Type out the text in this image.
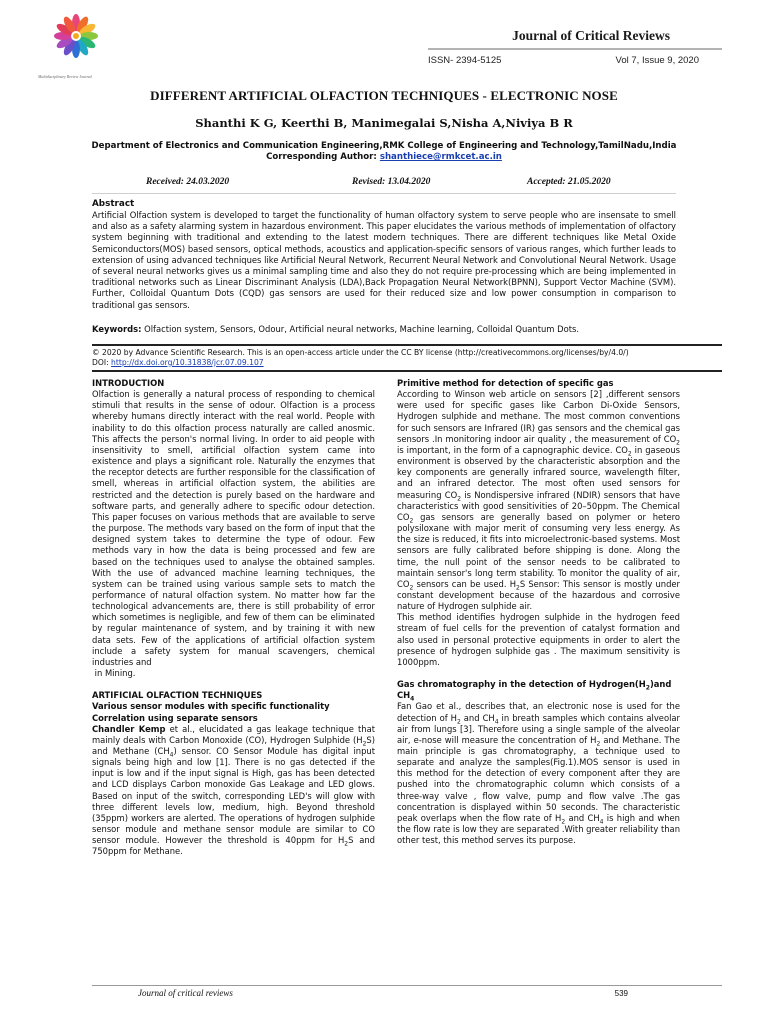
Multidisciplinary Review Journal
Journal of Critical Reviews
ISSN- 2394-5125	Vol 7, Issue 9, 2020
DIFFERENT ARTIFICIAL OLFACTION TECHNIQUES - ELECTRONIC NOSE
Shanthi K G, Keerthi B, Manimegalai S,Nisha A,Niviya B R
Department of Electronics and Communication Engineering,RMK College of Engineering and Technology,TamilNadu,India
Corresponding Author: shanthiece@rmkcet.ac.in
Received: 24.03.2020	Revised: 13.04.2020	Accepted: 21.05.2020
Abstract
Artificial Olfaction system is developed to target the functionality of human olfactory system to serve people who are insensate to smell and also as a safety alarming system in hazardous environment. This paper elucidates the various methods of implementation of olfactory system beginning with traditional and extending to the latest modern techniques. There are different techniques like Metal Oxide Semiconductors(MOS) based sensors, optical methods, acoustics and application-specific sensors of various ranges, which further leads to extension of using advanced techniques like Artificial Neural Network, Recurrent Neural Network and Convolutional Neural Network. Usage of several neural networks gives us a minimal sampling time and also they do not require pre-processing which are being implemented in traditional networks such as Linear Discriminant Analysis (LDA),Back Propagation Neural Network(BPNN), Support Vector Machine (SVM). Further, Colloidal Quantum Dots (CQD) gas sensors are used for their reduced size and low power consumption in comparison to traditional gas sensors.
Keywords: Olfaction system, Sensors, Odour, Artificial neural networks, Machine learning, Colloidal Quantum Dots.
© 2020 by Advance Scientific Research. This is an open-access article under the CC BY license (http://creativecommons.org/licenses/by/4.0/)
DOI: http://dx.doi.org/10.31838/jcr.07.09.107

INTRODUCTION

Olfaction is generally a natural process of responding to chemical stimuli that results in the sense of odour. Olfaction is a process whereby humans directly interact with the real world. People with inability to do this olfaction process naturally are called anosmic. This affects the person's normal living. In order to aid people with insensitivity to smell, artificial olfaction system came into existence and plays a significant role. Naturally the enzymes that the receptor detects are further responsible for the classification of smell, whereas in artificial olfaction system, the abilities are restricted and the detection is purely based on the hardware and software parts, and generally adhere to specific odour detection. This paper focuses on various methods that are available to serve the purpose. The methods vary based on the form of input that the designed system takes to determine the type of odour. Few methods vary in how the data is being processed and few are based on the techniques used to analyse the obtained samples. With the use of advanced machine learning techniques, the system can be trained using various sample sets to match the performance of natural olfaction system. No matter how far the technological advancements are, there is still probability of error which sometimes is negligible, and few of them can be eliminated by regular maintenance of system, and by training it with new data sets. Few of the applications of artificial olfaction system include a safety system for manual scavengers, chemical industries and

in Mining.

ARTIFICIAL OLFACTION TECHNIQUES

Various sensor modules with specific functionality

Correlation using separate sensors

Chandler Kemp et al., elucidated a gas leakage technique that mainly deals with Carbon Monoxide (CO), Hydrogen Sulphide $(H_2S)$ and Methane $(CH_4)$ sensor. CO Sensor Module has digital input signals being high and low [1]. There is no gas detected if the input is low and if the input signal is High, gas has been detected and LCD displays Carbon monoxide Gas Leakage and LED glows. Based on input of the switch, corresponding LED's will glow with three different levels low, medium, high. Beyond threshold (35ppm) workers are alerted. The operations of hydrogen sulphide sensor module and methane sensor module are similar to CO sensor module. However the threshold is 40ppm for $H_2S$ and 750ppm for Methane.

Primitive method for detection of specific gas

According to Winson web article on sensors [2] ,different sensors were used for specific gases like Carbon Di-Oxide Sensors, Hydrogen sulphide and methane. The most common conventions for such sensors are Infrared (IR) gas sensors and the chemical gas sensors .In monitoring indoor air quality , the measurement of $CO_2$ is important, in the form of a capnographic device. $CO_2$ in gaseous environment is observed by the characteristic absorption and the key components are generally infrared source, wavelength filter, and an infrared detector. The most often used sensors for measuring $CO_2$ is Nondispersive infrared (NDIR) sensors that have characteristics with good sensitivities of 20–50ppm. The Chemical $CO_2$ gas sensors are generally based on polymer or hetero polysiloxane with major merit of consuming very less energy. As the size is reduced, it fits into microelectronic-based systems. Most sensors are fully calibrated before shipping is done. Along the time, the null point of the sensor needs to be calibrated to maintain sensor's long term stability. To monitor the quality of air, $CO_2$ sensors can be used. $H_2S$ Sensor: This sensor is mostly under constant development because of the hazardous and corrosive nature of Hydrogen sulphide air.

This method identifies hydrogen sulphide in the hydrogen feed stream of fuel cells for the prevention of catalyst formation and also used in personal protective equipments in order to alert the presence of hydrogen sulphide gas . The maximum sensitivity is 1000ppm.

Gas chromatography in the detection of $Hydrogen(H_2)and$ $CH_4$

Fan Gao et al., describes that, an electronic nose is used for the detection of $H_2$ and $CH_4$ in breath samples which contains alveolar air from lungs [3]. Therefore using a single sample of the alveolar air, e-nose will measure the concentration of $H_2$ and Methane. The main principle is gas chromatography, a technique used to separate and analyze the samples(Fig.1).MOS sensor is used in this method for the detection of every component after they are pushed into the chromatographic column which consists of a three-way valve , flow valve, pump and flow valve .The gas concentration is displayed within 50 seconds. The characteristic peak overlaps when the flow rate of $H_2$ and $CH_4$ is high and when the flow rate is low they are separated .With greater reliability than other test, this method serves its purpose.

Journal of critical reviews	539
